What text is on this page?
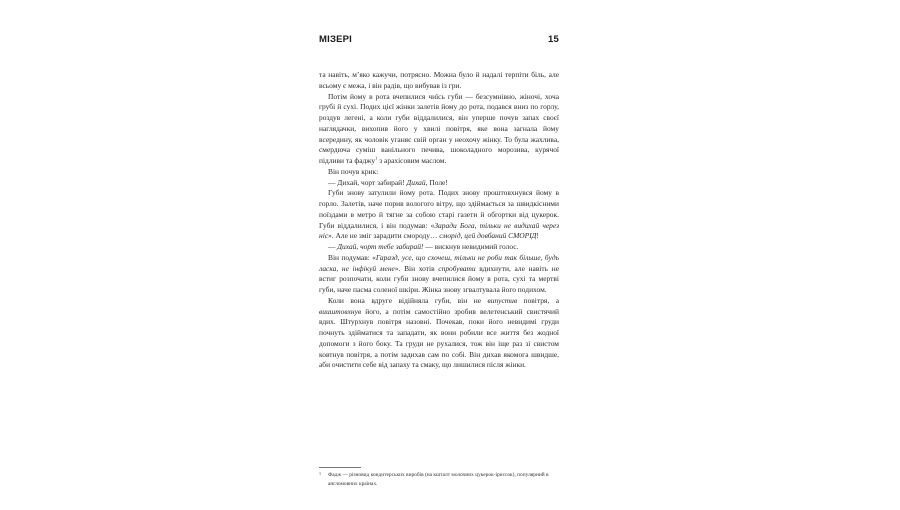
МІЗЕРІ	15

та навіть, м’яко кажучи, потрясно. Можна було й надалі терпіти біль, але всьому є межа, і він радів, що вибував із гри.

Потім йому в рота вчепилися чиїсь губи — безсумнівно, жіночі, хоча грубі й сухі. Подих цієї жінки залетів йому до рота, подався вниз по горлу, роздув легені, а коли губи віддалилися, він уперше почув запах своєї наглядачки, вихопив його у хвилі повітря, яке вона загнала йому всередину, як чоловік уганяє свій орган у неохочу жінку. То була жахлива, смердюча суміш ванільного печива, шоколадного морозива, курячої підливи та фаджу$^1$ з арахісовим маслом.

Він почув крик:

— Дихай, чорт забирай! Дихай, Поле!

Губи знову затулили йому рота. Подих знову проштовхнувся йому в горло. Залетів, наче порив вологого вітру, що здіймається за швидкісними поїздами в метро й тягне за собою старі газети й обгортки від цукерок. Губи віддалилися, і він подумав: «Заради Бога, тільки не видихай через ніс». Але не зміг зарадити смороду… сморід, цей довбаний СМОРІД!

— Дихай, чорт тебе забирай! — вискнув невидимий голос.

Він подумав: «Гаразд, усе, що схочеш, тільки не роби так більше, будь ласка, не інфікуй мене». Він хотів спробувати вдихнути, але навіть не встиг розпочати, коли губи знову вчепилися йому в рота, сухі та мертві губи, наче пасма соленої шкіри. Жінка знову згвалтувала його подихом.

Коли вона вдруге відійняла губи, він не випустив повітря, а вииштовхнув його, а потім самостійно зробив велетенський свистячий вдих. Штурхнув повітря назовні. Почекав, поки його невидимі груди почнуть здійматися та западати, як вони робили все життя без жодної допомоги з його боку. Та груди не рухалися, тож він іще раз зі свистом ковтнув повітря, а потім задихав сам по собі. Він дихав якомога швидше, аби очистити себе від запаху та смаку, що лишилися після жінки.

1 Фадж — різновид кондитерських виробів (на кшталт молочних цукерок-іриссок), популярний в англомовних країнах.
